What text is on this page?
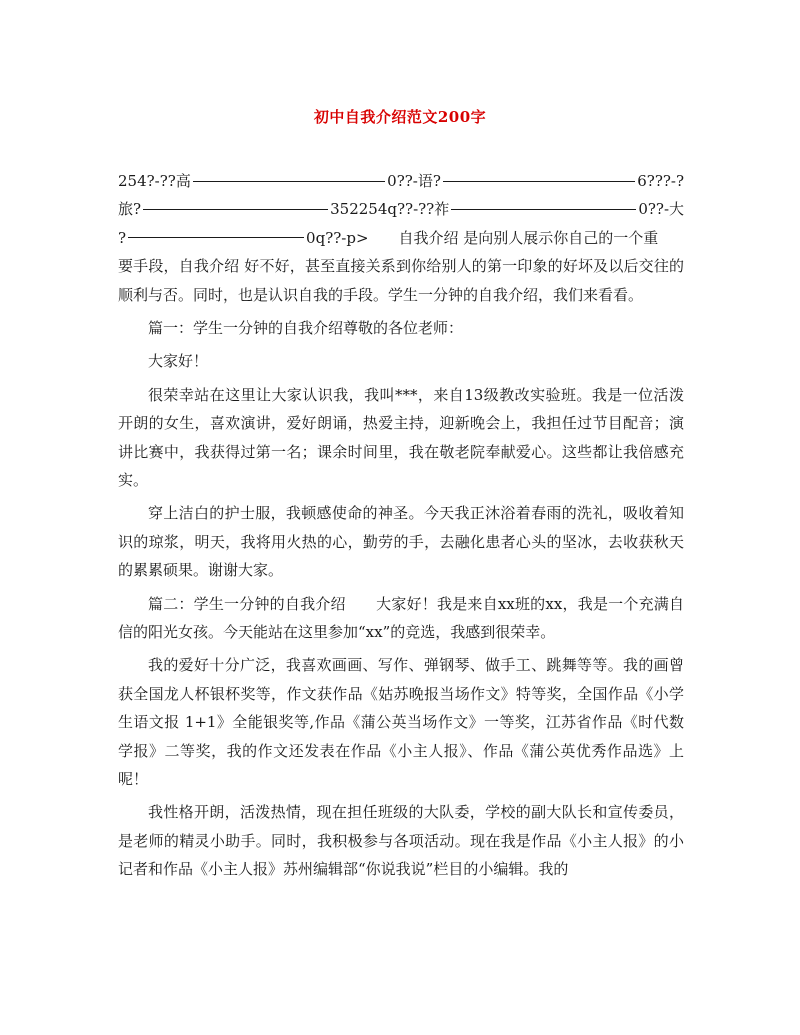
初中自我介绍范文200字
254?-??高	0??-语?	6???-?
旅?	352254q??-??祚	0??-大
?	0q??-p> 自我介绍 是向别人展示你自己的一个重

要手段，自我介绍 好不好，甚至直接关系到你给别人的第一印象的好坏及以后交往的顺利与否。同时，也是认识自我的手段。学生一分钟的自我介绍，我们来看看。

篇一：学生一分钟的自我介绍尊敬的各位老师：

大家好！

很荣幸站在这里让大家认识我，我叫***，来自13级教改实验班。我是一位活泼开朗的女生，喜欢演讲，爱好朗诵，热爱主持，迎新晚会上，我担任过节目配音；演讲比赛中，我获得过第一名；课余时间里，我在敬老院奉献爱心。这些都让我倍感充实。

穿上洁白的护士服，我顿感使命的神圣。今天我正沐浴着春雨的洗礼，吸收着知识的琼浆，明天，我将用火热的心，勤劳的手，去融化患者心头的坚冰，去收获秋天的累累硕果。谢谢大家。

篇二：学生一分钟的自我介绍　　大家好！我是来自xx班的xx，我是一个充满自信的阳光女孩。今天能站在这里参加“xx”的竞选，我感到很荣幸。

我的爱好十分广泛，我喜欢画画、写作、弹钢琴、做手工、跳舞等等。我的画曾获全国龙人杯银杯奖等，作文获作品《姑苏晚报当场作文》特等奖，全国作品《小学生语文报 1+1》全能银奖等,作品《蒲公英当场作文》一等奖，江苏省作品《时代数学报》二等奖，我的作文还发表在作品《小主人报》、作品《蒲公英优秀作品选》上呢！

我性格开朗，活泼热情，现在担任班级的大队委，学校的副大队长和宣传委员，是老师的精灵小助手。同时，我积极参与各项活动。现在我是作品《小主人报》的小记者和作品《小主人报》苏州编辑部“你说我说”栏目的小编辑。我的
